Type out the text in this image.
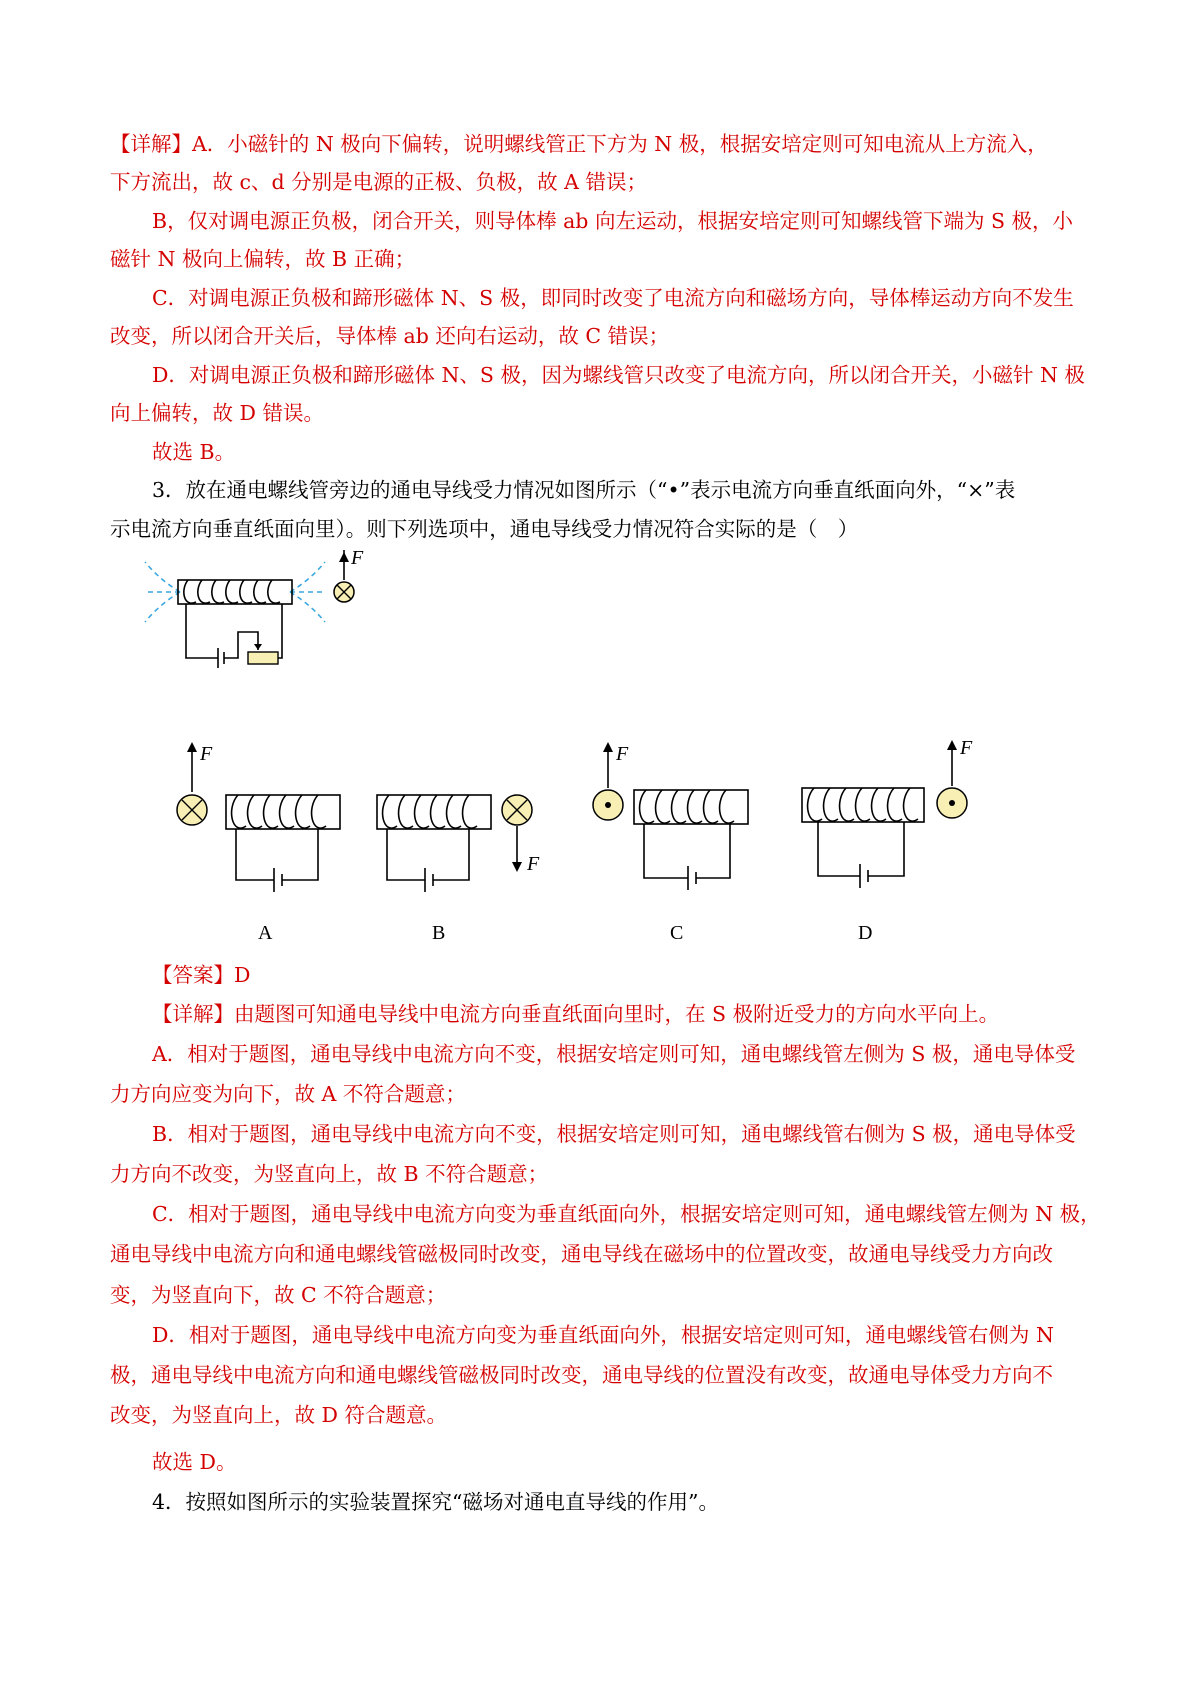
【详解】A．小磁针的 N 极向下偏转，说明螺线管正下方为 N 极，根据安培定则可知电流从上方流入，
下方流出，故 c、d 分别是电源的正极、负极，故 A 错误；
B，仅对调电源正负极，闭合开关，则导体棒 ab 向左运动，根据安培定则可知螺线管下端为 S 极，小
磁针 N 极向上偏转，故 B 正确；
C．对调电源正负极和蹄形磁体 N、S 极，即同时改变了电流方向和磁场方向，导体棒运动方向不发生
改变，所以闭合开关后，导体棒 ab 还向右运动，故 C 错误；
D．对调电源正负极和蹄形磁体 N、S 极，因为螺线管只改变了电流方向，所以闭合开关，小磁针 N 极
向上偏转，故 D 错误。
故选 B。
3．放在通电螺线管旁边的通电导线受力情况如图所示（“•”表示电流方向垂直纸面向外，“×”表
示电流方向垂直纸面向里）。则下列选项中，通电导线受力情况符合实际的是（　）
F
F
F
F	F
A	B	C	D
【答案】D
【详解】由题图可知通电导线中电流方向垂直纸面向里时，在 S 极附近受力的方向水平向上。
A．相对于题图，通电导线中电流方向不变，根据安培定则可知，通电螺线管左侧为 S 极，通电导体受
力方向应变为向下，故 A 不符合题意；
B．相对于题图，通电导线中电流方向不变，根据安培定则可知，通电螺线管右侧为 S 极，通电导体受
力方向不改变，为竖直向上，故 B 不符合题意；
C．相对于题图，通电导线中电流方向变为垂直纸面向外，根据安培定则可知，通电螺线管左侧为 N 极，
通电导线中电流方向和通电螺线管磁极同时改变，通电导线在磁场中的位置改变，故通电导线受力方向改
变，为竖直向下，故 C 不符合题意；
D．相对于题图，通电导线中电流方向变为垂直纸面向外，根据安培定则可知，通电螺线管右侧为 N
极，通电导线中电流方向和通电螺线管磁极同时改变，通电导线的位置没有改变，故通电导体受力方向不
改变，为竖直向上，故 D 符合题意。
故选 D。
4．按照如图所示的实验装置探究“磁场对通电直导线的作用”。
